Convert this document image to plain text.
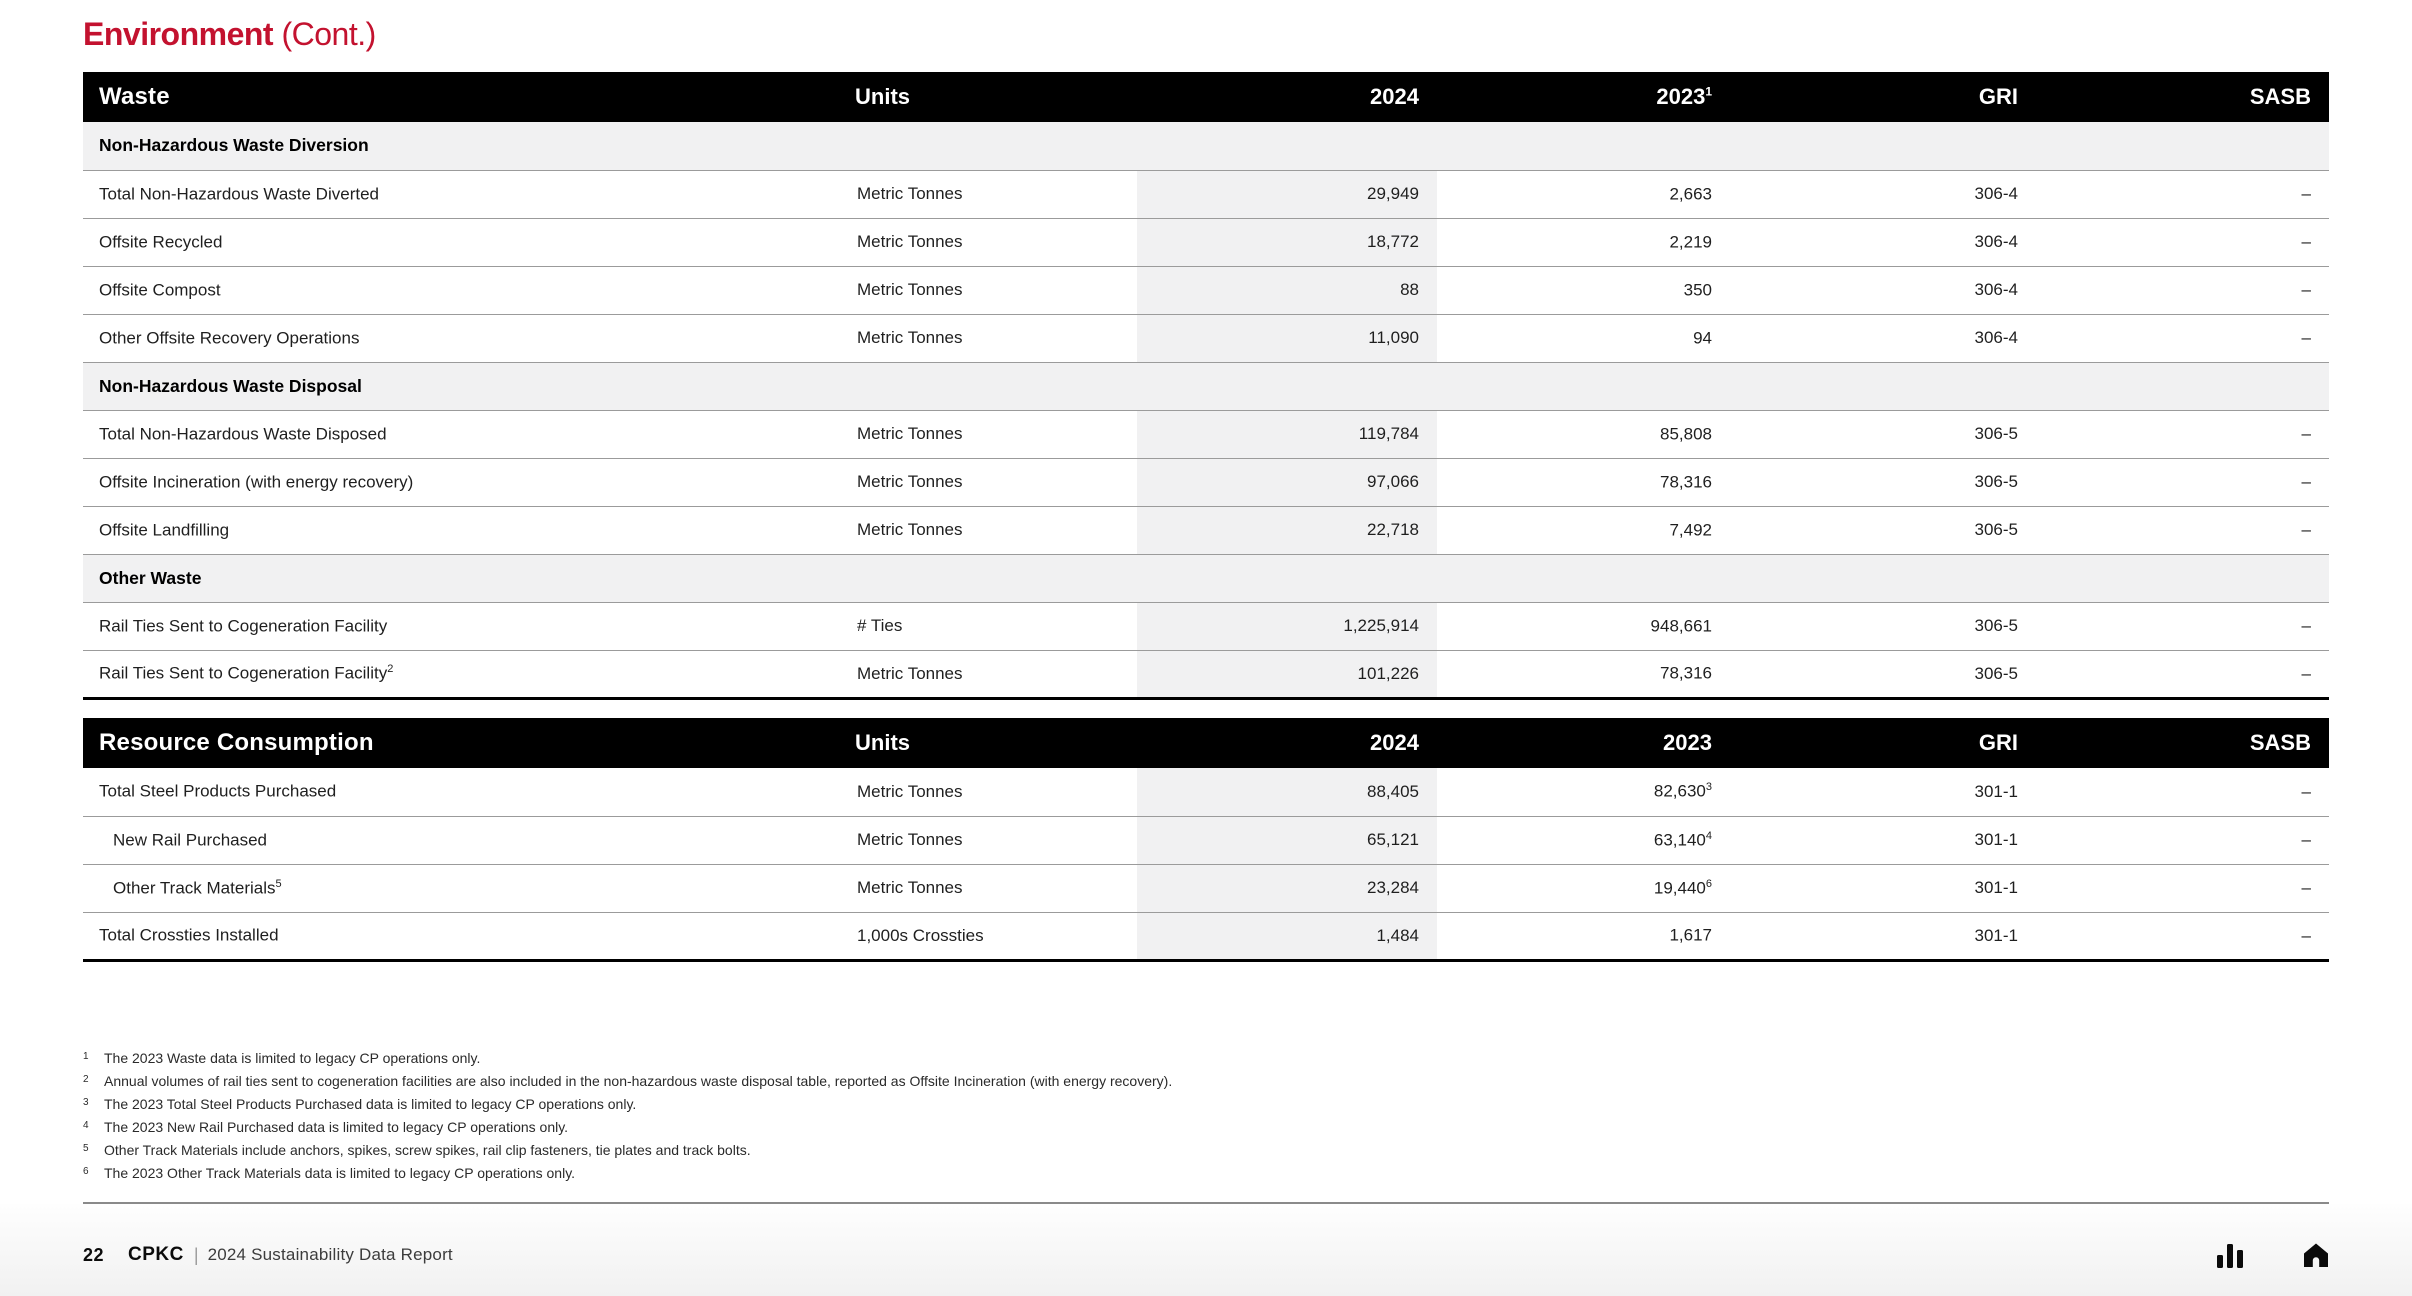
Environment (Cont.)
Waste	Units	2024	2023$^1$	GRI	SASB
Non-Hazardous Waste Diversion					
Total Non-Hazardous Waste Diverted	Metric Tonnes	29,949	2,663	306-4	–
Offsite Recycled	Metric Tonnes	18,772	2,219	306-4	–
Offsite Compost	Metric Tonnes	88	350	306-4	–
Other Offsite Recovery Operations	Metric Tonnes	11,090	94	306-4	–
Non-Hazardous Waste Disposal					
Total Non-Hazardous Waste Disposed	Metric Tonnes	119,784	85,808	306-5	–
Offsite Incineration (with energy recovery)	Metric Tonnes	97,066	78,316	306-5	–
Offsite Landfilling	Metric Tonnes	22,718	7,492	306-5	–
Other Waste					
Rail Ties Sent to Cogeneration Facility	# Ties	1,225,914	948,661	306-5	–
Rail Ties Sent to Cogeneration Facility$^2$	Metric Tonnes	101,226	78,316	306-5	–
Resource Consumption	Units	2024	2023	GRI	SASB
Total Steel Products Purchased	Metric Tonnes	88,405	82,630$^3$	301-1	–
New Rail Purchased	Metric Tonnes	65,121	63,140$^4$	301-1	–
Other Track Materials$^5$	Metric Tonnes	23,284	19,440$^6$	301-1	–
Total Crossties Installed	1,000s Crossties	1,484	1,617	301-1	–
1	The 2023 Waste data is limited to legacy CP operations only.
2	Annual volumes of rail ties sent to cogeneration facilities are also included in the non-hazardous waste disposal table, reported as Offsite Incineration (with energy recovery).
3	The 2023 Total Steel Products Purchased data is limited to legacy CP operations only.
4	The 2023 New Rail Purchased data is limited to legacy CP operations only.
5	Other Track Materials include anchors, spikes, screw spikes, rail clip fasteners, tie plates and track bolts.
6	The 2023 Other Track Materials data is limited to legacy CP operations only.
22 CPKC | 2024 Sustainability Data Report
